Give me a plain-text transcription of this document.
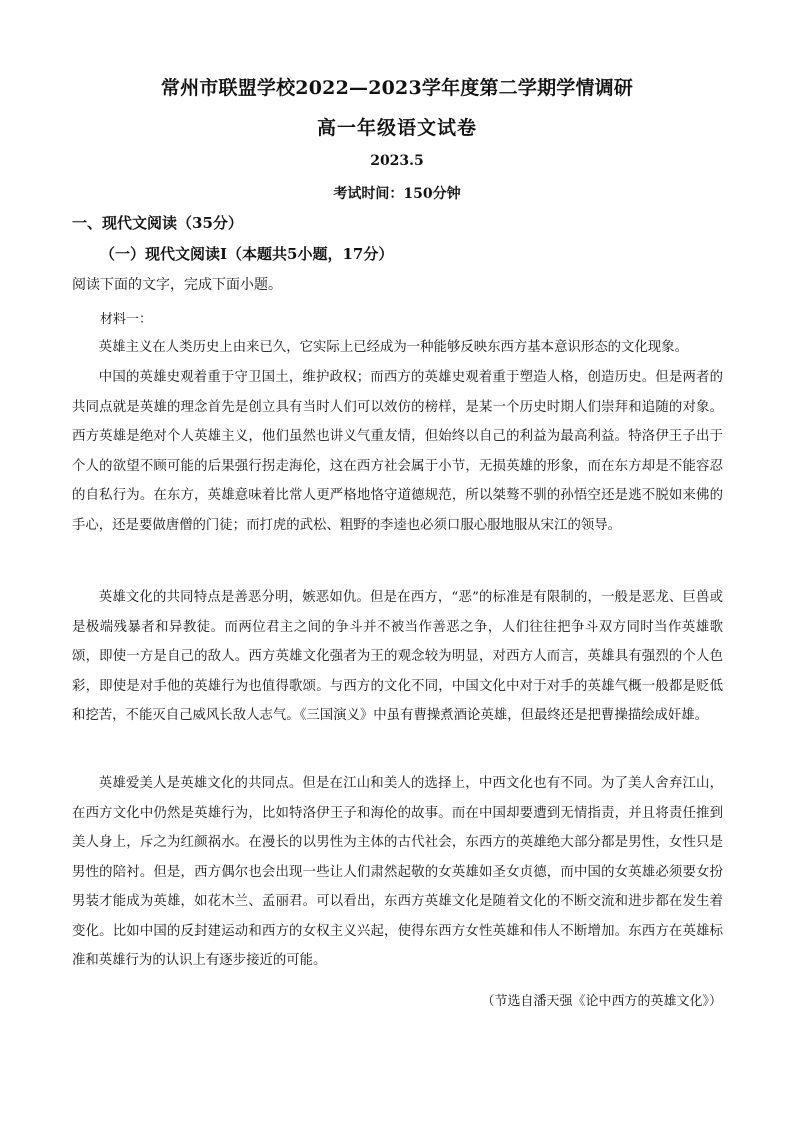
常州市联盟学校2022—2023学年度第二学期学情调研
高一年级语文试卷
2023.5
考试时间：150分钟
一、现代文阅读（35分）
（一）现代文阅读Ⅰ（本题共5小题，17分）
阅读下面的文字，完成下面小题。
材料一：

英雄主义在人类历史上由来已久，它实际上已经成为一种能够反映东西方基本意识形态的文化现象。

中国的英雄史观着重于守卫国土，维护政权；而西方的英雄史观着重于塑造人格，创造历史。但是两者的共同点就是英雄的理念首先是创立具有当时人们可以效仿的榜样，是某一个历史时期人们崇拜和追随的对象。西方英雄是绝对个人英雄主义，他们虽然也讲义气重友情，但始终以自己的利益为最高利益。特洛伊王子出于个人的欲望不顾可能的后果强行拐走海伦，这在西方社会属于小节，无损英雄的形象，而在东方却是不能容忍的自私行为。在东方，英雄意味着比常人更严格地恪守道德规范，所以桀骜不驯的孙悟空还是逃不脱如来佛的手心，还是要做唐僧的门徒；而打虎的武松、粗野的李逵也必须口服心服地服从宋江的领导。

英雄文化的共同特点是善恶分明，嫉恶如仇。但是在西方，“恶”的标准是有限制的，一般是恶龙、巨兽或是极端残暴者和异教徒。而两位君主之间的争斗并不被当作善恶之争，人们往往把争斗双方同时当作英雄歌颂，即使一方是自己的敌人。西方英雄文化强者为王的观念较为明显，对西方人而言，英雄具有强烈的个人色彩，即使是对手他的英雄行为也值得歌颂。与西方的文化不同，中国文化中对于对手的英雄气概一般都是贬低和挖苦，不能灭自己威风长敌人志气。《三国演义》中虽有曹操煮酒论英雄，但最终还是把曹操描绘成奸雄。

英雄爱美人是英雄文化的共同点。但是在江山和美人的选择上，中西文化也有不同。为了美人舍弃江山，在西方文化中仍然是英雄行为，比如特洛伊王子和海伦的故事。而在中国却要遭到无情指责，并且将责任推到美人身上，斥之为红颜祸水。在漫长的以男性为主体的古代社会，东西方的英雄绝大部分都是男性，女性只是男性的陪衬。但是，西方偶尔也会出现一些让人们肃然起敬的女英雄如圣女贞德，而中国的女英雄必须要女扮男装才能成为英雄，如花木兰、孟丽君。可以看出，东西方英雄文化是随着文化的不断交流和进步都在发生着变化。比如中国的反封建运动和西方的女权主义兴起，使得东西方女性英雄和伟人不断增加。东西方在英雄标准和英雄行为的认识上有逐步接近的可能。

（节选自潘天强《论中西方的英雄文化》）
